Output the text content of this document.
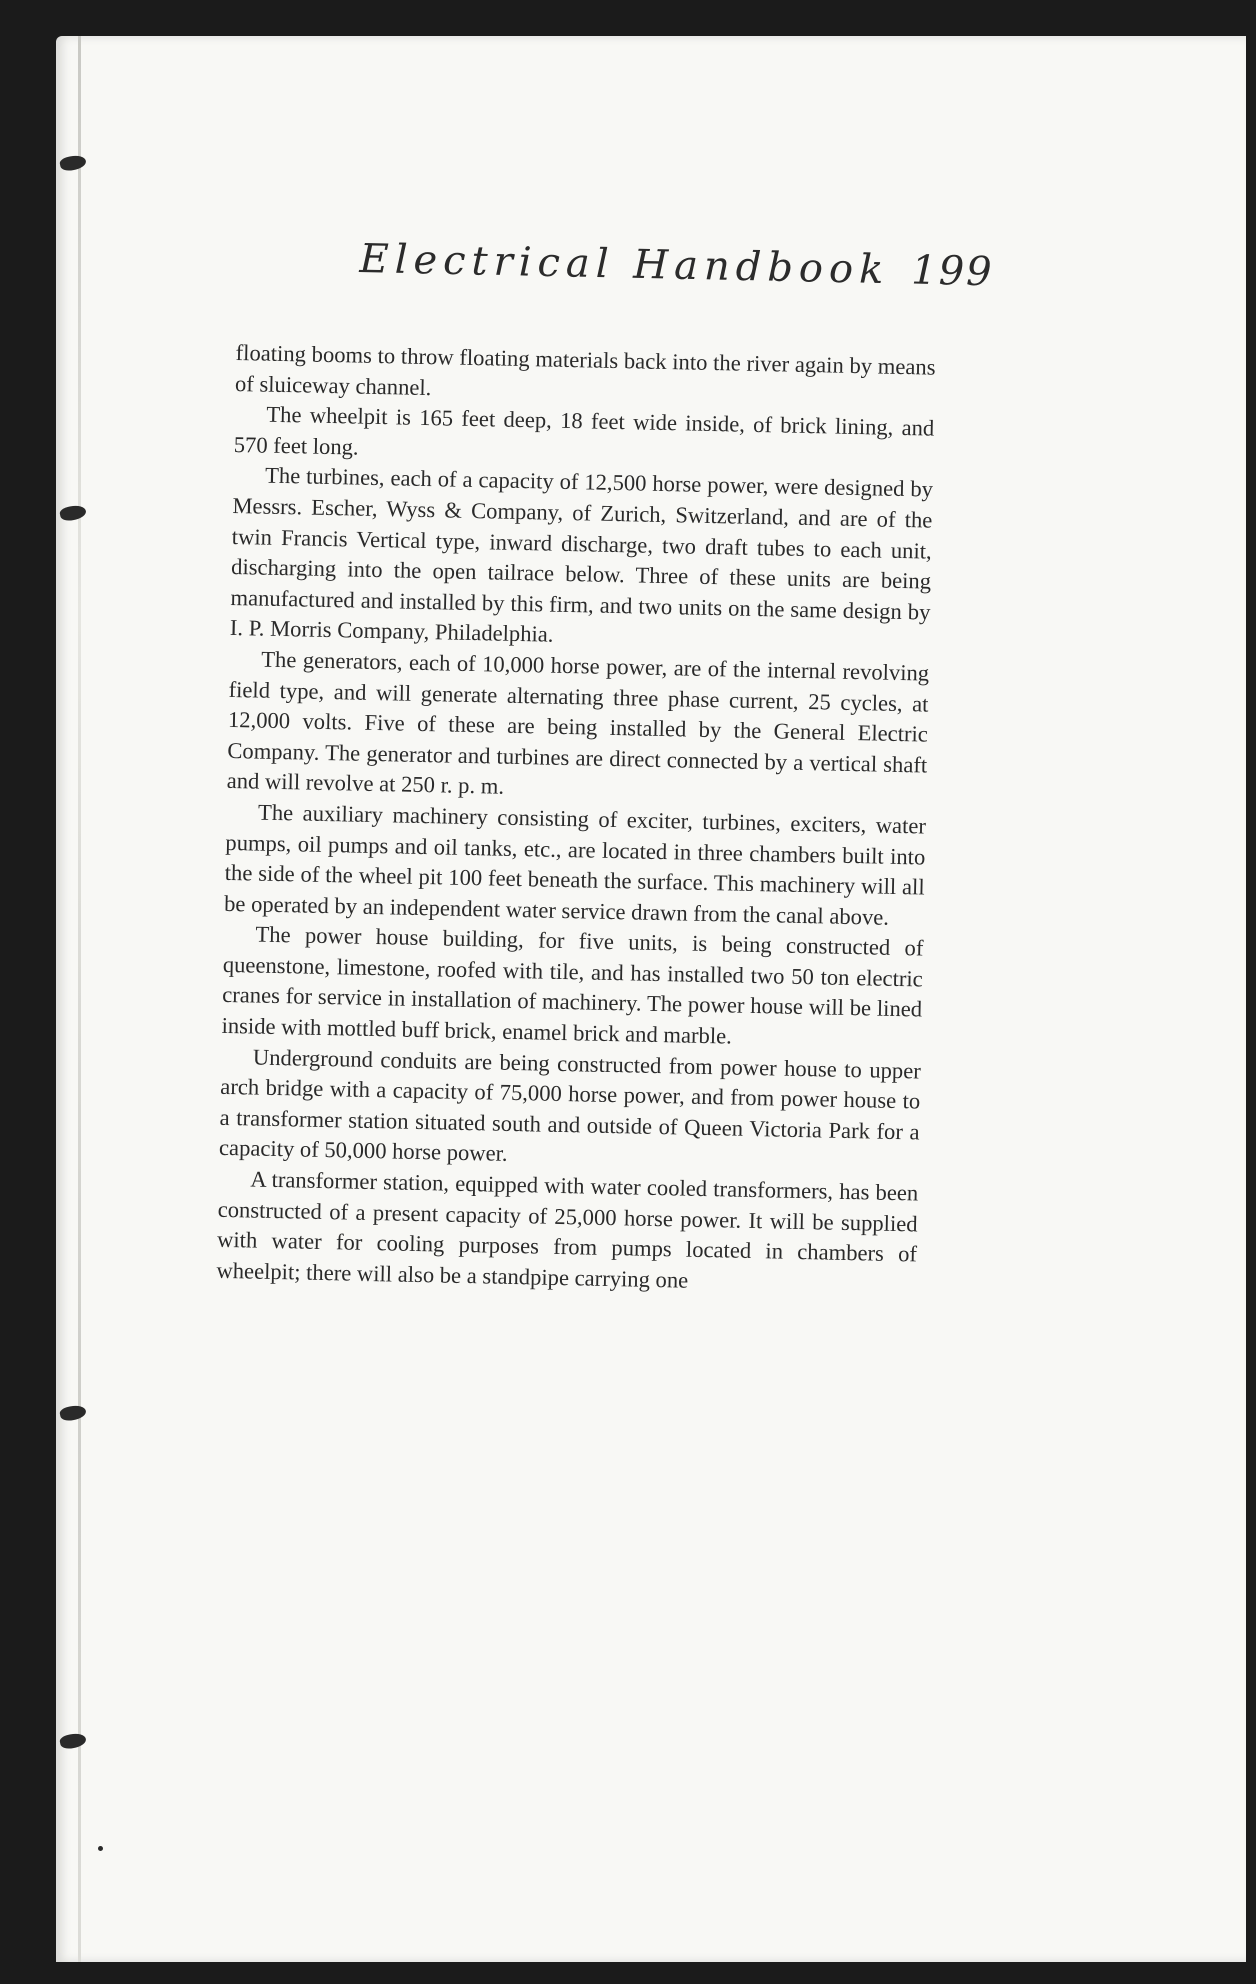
Electrical Handbook 199

floating booms to throw floating materials back into the river again by means of sluiceway channel.

The wheelpit is 165 feet deep, 18 feet wide inside, of brick lining, and 570 feet long.

The turbines, each of a capacity of 12,500 horse power, were designed by Messrs. Escher, Wyss & Company, of Zurich, Switzerland, and are of the twin Francis Vertical type, inward discharge, two draft tubes to each unit, discharging into the open tailrace below. Three of these units are being manufactured and installed by this firm, and two units on the same design by I. P. Morris Company, Philadelphia.

The generators, each of 10,000 horse power, are of the internal revolving field type, and will generate alternating three phase current, 25 cycles, at 12,000 volts. Five of these are being installed by the General Electric Company. The generator and turbines are direct connected by a vertical shaft and will revolve at 250 r. p. m.

The auxiliary machinery consisting of exciter, turbines, exciters, water pumps, oil pumps and oil tanks, etc., are located in three chambers built into the side of the wheel pit 100 feet beneath the surface. This machinery will all be operated by an independent water service drawn from the canal above.

The power house building, for five units, is being constructed of queenstone, limestone, roofed with tile, and has installed two 50 ton electric cranes for service in installation of machinery. The power house will be lined inside with mottled buff brick, enamel brick and marble.

Underground conduits are being constructed from power house to upper arch bridge with a capacity of 75,000 horse power, and from power house to a transformer station situated south and outside of Queen Victoria Park for a capacity of 50,000 horse power.

A transformer station, equipped with water cooled transformers, has been constructed of a present capacity of 25,000 horse power. It will be supplied with water for cooling purposes from pumps located in chambers of wheelpit; there will also be a standpipe carrying one
